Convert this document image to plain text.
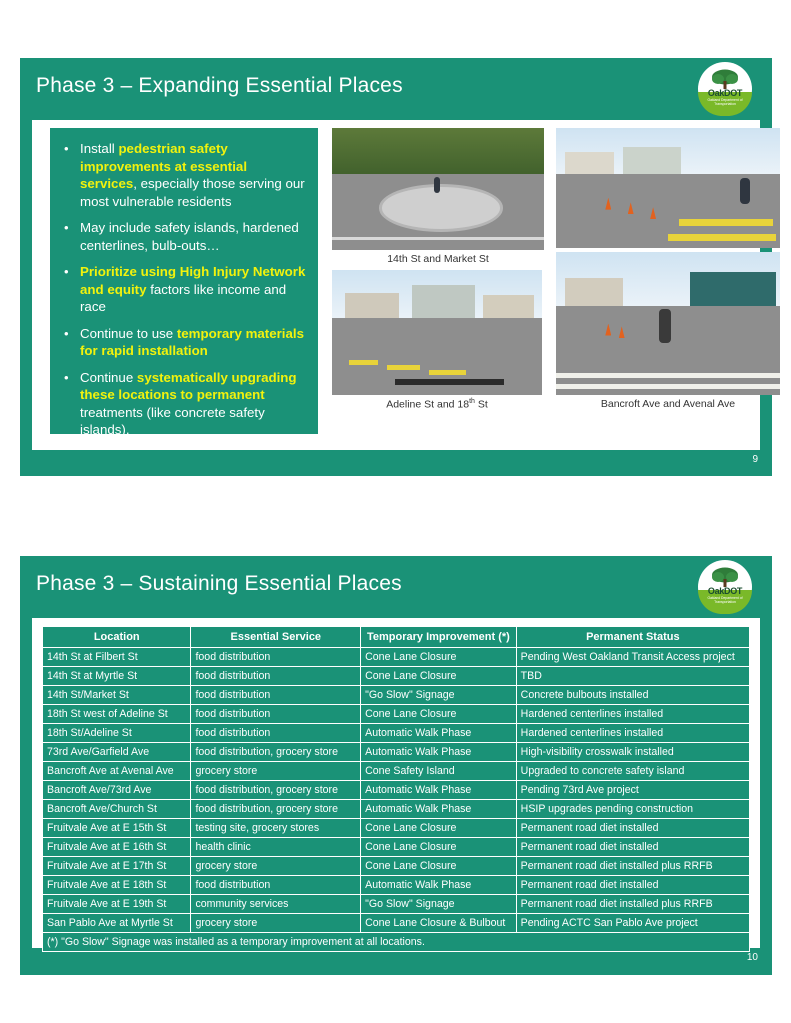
Phase 3 – Expanding Essential Places	OakDOT
Oakland Department of Transportation
• Install pedestrian safety improvements at essential services, especially those serving our most vulnerable residents
• May include safety islands, hardened centerlines, bulb-outs…
• Prioritize using High Injury Network and equity factors like income and race
• Continue to use temporary materials for rapid installation
• Continue systematically upgrading these locations to permanent treatments (like concrete safety islands).
14th St and Market St
Adeline St and 18th St	Bancroft Ave and Avenal Ave
9
Phase 3 – Sustaining Essential Places	OakDOT
Oakland Department of Transportation
Location	Essential Service	Temporary Improvement (*)	Permanent Status
14th St at Filbert St	food distribution	Cone Lane Closure	Pending West Oakland Transit Access project
14th St at Myrtle St	food distribution	Cone Lane Closure	TBD
14th St/Market St	food distribution	"Go Slow" Signage	Concrete bulbouts installed
18th St west of Adeline St	food distribution	Cone Lane Closure	Hardened centerlines installed
18th St/Adeline St	food distribution	Automatic Walk Phase	Hardened centerlines installed
73rd Ave/Garfield Ave	food distribution, grocery store	Automatic Walk Phase	High-visibility crosswalk installed
Bancroft Ave at Avenal Ave	grocery store	Cone Safety Island	Upgraded to concrete safety island
Bancroft Ave/73rd Ave	food distribution, grocery store	Automatic Walk Phase	Pending 73rd Ave project
Bancroft Ave/Church St	food distribution, grocery store	Automatic Walk Phase	HSIP upgrades pending construction
Fruitvale Ave at E 15th St	testing site, grocery stores	Cone Lane Closure	Permanent road diet installed
Fruitvale Ave at E 16th St	health clinic	Cone Lane Closure	Permanent road diet installed
Fruitvale Ave at E 17th St	grocery store	Cone Lane Closure	Permanent road diet installed plus RRFB
Fruitvale Ave at E 18th St	food distribution	Automatic Walk Phase	Permanent road diet installed
Fruitvale Ave at E 19th St	community services	"Go Slow" Signage	Permanent road diet installed plus RRFB
San Pablo Ave at Myrtle St	grocery store	Cone Lane Closure & Bulbout	Pending ACTC San Pablo Ave project
(*) "Go Slow" Signage was installed as a temporary improvement at all locations.			
10
